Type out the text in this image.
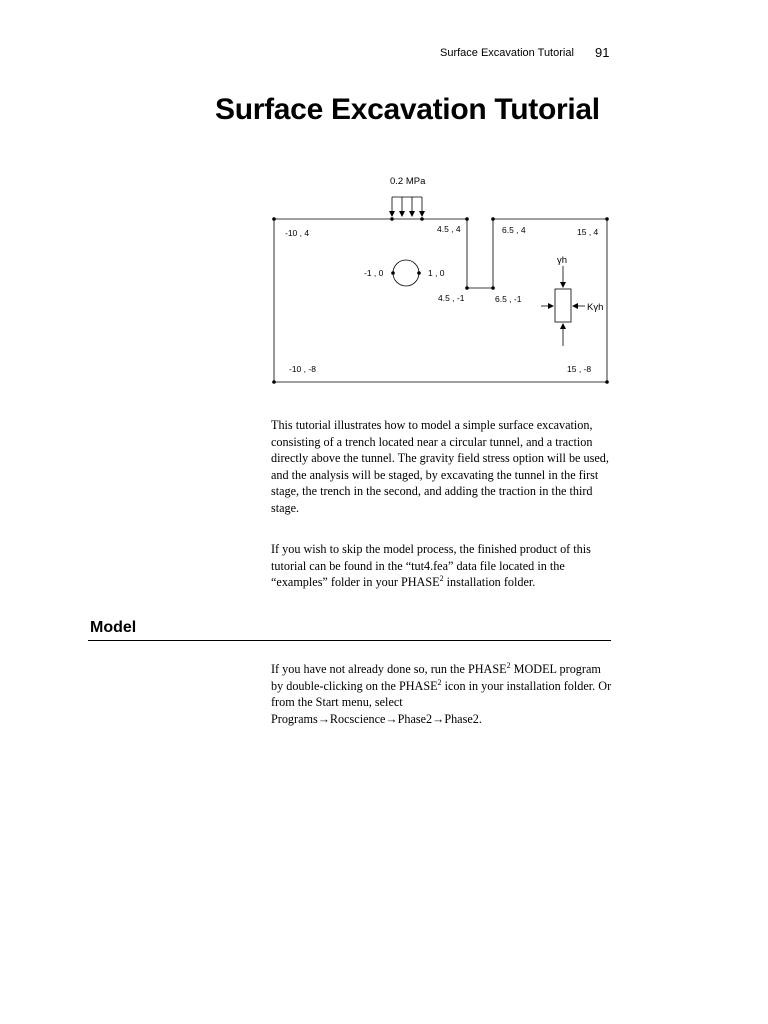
Surface Excavation Tutorial 91
Surface Excavation Tutorial
0.2 MPa
-10 , 4	4.5 , 4	6.5 , 4	15 , 4
-1 , 0	1 , 0
4.5 , -1	6.5 , -1
-10 , -8	15 , -8
γh
Kγh

This tutorial illustrates how to model a simple surface excavation, consisting of a trench located near a circular tunnel, and a traction directly above the tunnel. The gravity field stress option will be used, and the analysis will be staged, by excavating the tunnel in the first stage, the trench in the second, and adding the traction in the third stage.

If you wish to skip the model process, the finished product of this tutorial can be found in the “tut4.fea” data file located in the “examples” folder in your PHASE$^2$ installation folder.

Model

If you have not already done so, run the PHASE$^2$ MODEL program by double-clicking on the PHASE$^2$ icon in your installation folder. Or from the Start menu, select Programs→Rocscience→Phase2→Phase2.
